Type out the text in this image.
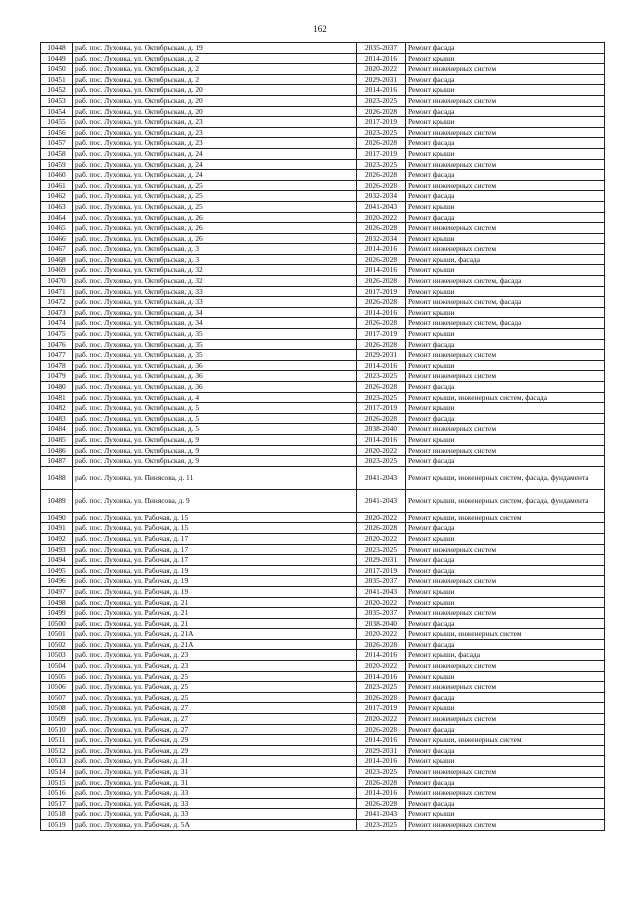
162
10448	раб. пос. Луховка, ул. Октябрьская, д. 19	2035-2037	Ремонт фасада
10449	раб. пос. Луховка, ул. Октябрьская, д. 2	2014-2016	Ремонт крыши
10450	раб. пос. Луховка, ул. Октябрьская, д. 2	2020-2022	Ремонт инженерных систем
10451	раб. пос. Луховка, ул. Октябрьская, д. 2	2029-2031	Ремонт фасада
10452	раб. пос. Луховка, ул. Октябрьская, д. 20	2014-2016	Ремонт крыши
10453	раб. пос. Луховка, ул. Октябрьская, д. 20	2023-2025	Ремонт инженерных систем
10454	раб. пос. Луховка, ул. Октябрьская, д. 20	2026-2028	Ремонт фасада
10455	раб. пос. Луховка, ул. Октябрьская, д. 23	2017-2019	Ремонт крыши
10456	раб. пос. Луховка, ул. Октябрьская, д. 23	2023-2025	Ремонт инженерных систем
10457	раб. пос. Луховка, ул. Октябрьская, д. 23	2026-2028	Ремонт фасада
10458	раб. пос. Луховка, ул. Октябрьская, д. 24	2017-2019	Ремонт крыши
10459	раб. пос. Луховка, ул. Октябрьская, д. 24	2023-2025	Ремонт инженерных систем
10460	раб. пос. Луховка, ул. Октябрьская, д. 24	2026-2028	Ремонт фасада
10461	раб. пос. Луховка, ул. Октябрьская, д. 25	2026-2028	Ремонт инженерных систем
10462	раб. пос. Луховка, ул. Октябрьская, д. 25	2032-2034	Ремонт фасада
10463	раб. пос. Луховка, ул. Октябрьская, д. 25	2041-2043	Ремонт крыши
10464	раб. пос. Луховка, ул. Октябрьская, д. 26	2020-2022	Ремонт фасада
10465	раб. пос. Луховка, ул. Октябрьская, д. 26	2026-2028	Ремонт инженерных систем
10466	раб. пос. Луховка, ул. Октябрьская, д. 26	2032-2034	Ремонт крыши
10467	раб. пос. Луховка, ул. Октябрьская, д. 3	2014-2016	Ремонт инженерных систем
10468	раб. пос. Луховка, ул. Октябрьская, д. 3	2026-2028	Ремонт крыши, фасада
10469	раб. пос. Луховка, ул. Октябрьская, д. 32	2014-2016	Ремонт крыши
10470	раб. пос. Луховка, ул. Октябрьская, д. 32	2026-2028	Ремонт инженерных систем, фасада
10471	раб. пос. Луховка, ул. Октябрьская, д. 33	2017-2019	Ремонт крыши
10472	раб. пос. Луховка, ул. Октябрьская, д. 33	2026-2028	Ремонт инженерных систем, фасада
10473	раб. пос. Луховка, ул. Октябрьская, д. 34	2014-2016	Ремонт крыши
10474	раб. пос. Луховка, ул. Октябрьская, д. 34	2026-2028	Ремонт инженерных систем, фасада
10475	раб. пос. Луховка, ул. Октябрьская, д. 35	2017-2019	Ремонт крыши
10476	раб. пос. Луховка, ул. Октябрьская, д. 35	2026-2028	Ремонт фасада
10477	раб. пос. Луховка, ул. Октябрьская, д. 35	2029-2031	Ремонт инженерных систем
10478	раб. пос. Луховка, ул. Октябрьская, д. 36	2014-2016	Ремонт крыши
10479	раб. пос. Луховка, ул. Октябрьская, д. 36	2023-2025	Ремонт инженерных систем
10480	раб. пос. Луховка, ул. Октябрьская, д. 36	2026-2028	Ремонт фасада
10481	раб. пос. Луховка, ул. Октябрьская, д. 4	2023-2025	Ремонт крыши, инженерных систем, фасада
10482	раб. пос. Луховка, ул. Октябрьская, д. 5	2017-2019	Ремонт крыши
10483	раб. пос. Луховка, ул. Октябрьская, д. 5	2026-2028	Ремонт фасада
10484	раб. пос. Луховка, ул. Октябрьская, д. 5	2038-2040	Ремонт инженерных систем
10485	раб. пос. Луховка, ул. Октябрьская, д. 9	2014-2016	Ремонт крыши
10486	раб. пос. Луховка, ул. Октябрьская, д. 9	2020-2022	Ремонт инженерных систем
10487	раб. пос. Луховка, ул. Октябрьская, д. 9	2023-2025	Ремонт фасада
10488	раб. пос. Луховка, ул. Пинясова, д. 11	2041-2043	Ремонт крыши, инженерных систем, фасада, фундамента
10489	раб. пос. Луховка, ул. Пинясова, д. 9	2041-2043	Ремонт крыши, инженерных систем, фасада, фундамента
10490	раб. пос. Луховка, ул. Рабочая, д. 15	2020-2022	Ремонт крыши, инженерных систем
10491	раб. пос. Луховка, ул. Рабочая, д. 15	2026-2028	Ремонт фасада
10492	раб. пос. Луховка, ул. Рабочая, д. 17	2020-2022	Ремонт крыши
10493	раб. пос. Луховка, ул. Рабочая, д. 17	2023-2025	Ремонт инженерных систем
10494	раб. пос. Луховка, ул. Рабочая, д. 17	2029-2031	Ремонт фасада
10495	раб. пос. Луховка, ул. Рабочая, д. 19	2017-2019	Ремонт фасада
10496	раб. пос. Луховка, ул. Рабочая, д. 19	2035-2037	Ремонт инженерных систем
10497	раб. пос. Луховка, ул. Рабочая, д. 19	2041-2043	Ремонт крыши
10498	раб. пос. Луховка, ул. Рабочая, д. 21	2020-2022	Ремонт крыши
10499	раб. пос. Луховка, ул. Рабочая, д. 21	2035-2037	Ремонт инженерных систем
10500	раб. пос. Луховка, ул. Рабочая, д. 21	2038-2040	Ремонт фасада
10501	раб. пос. Луховка, ул. Рабочая, д. 21А	2020-2022	Ремонт крыши, инженерных систем
10502	раб. пос. Луховка, ул. Рабочая, д. 21А	2026-2028	Ремонт фасада
10503	раб. пос. Луховка, ул. Рабочая, д. 23	2014-2016	Ремонт крыши, фасада
10504	раб. пос. Луховка, ул. Рабочая, д. 23	2020-2022	Ремонт инженерных систем
10505	раб. пос. Луховка, ул. Рабочая, д. 25	2014-2016	Ремонт крыши
10506	раб. пос. Луховка, ул. Рабочая, д. 25	2023-2025	Ремонт инженерных систем
10507	раб. пос. Луховка, ул. Рабочая, д. 25	2026-2028	Ремонт фасада
10508	раб. пос. Луховка, ул. Рабочая, д. 27	2017-2019	Ремонт крыши
10509	раб. пос. Луховка, ул. Рабочая, д. 27	2020-2022	Ремонт инженерных систем
10510	раб. пос. Луховка, ул. Рабочая, д. 27	2026-2028	Ремонт фасада
10511	раб. пос. Луховка, ул. Рабочая, д. 29	2014-2016	Ремонт крыши, инженерных систем
10512	раб. пос. Луховка, ул. Рабочая, д. 29	2029-2031	Ремонт фасада
10513	раб. пос. Луховка, ул. Рабочая, д. 31	2014-2016	Ремонт крыши
10514	раб. пос. Луховка, ул. Рабочая, д. 31	2023-2025	Ремонт инженерных систем
10515	раб. пос. Луховка, ул. Рабочая, д. 31	2026-2028	Ремонт фасада
10516	раб. пос. Луховка, ул. Рабочая, д. 33	2014-2016	Ремонт инженерных систем
10517	раб. пос. Луховка, ул. Рабочая, д. 33	2026-2028	Ремонт фасада
10518	раб. пос. Луховка, ул. Рабочая, д. 33	2041-2043	Ремонт крыши
10519	раб. пос. Луховка, ул. Рабочая, д. 5А	2023-2025	Ремонт инженерных систем
